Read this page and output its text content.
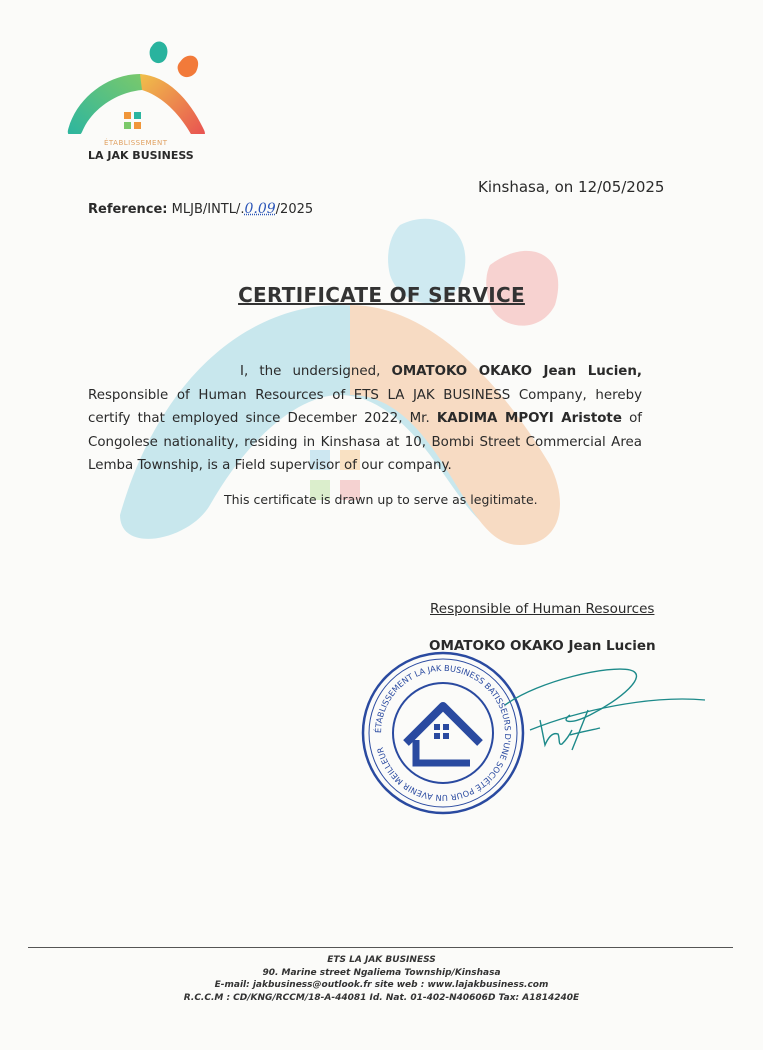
ÉTABLISSEMENT
LA JAK BUSINESS
Kinshasa, on 12/05/2025
Reference: MLJB/INTL/.0.09/2025
CERTIFICATE OF SERVICE
I, the undersigned, OMATOKO OKAKO Jean Lucien, Responsible of Human Resources of ETS LA JAK BUSINESS Company, hereby certify that employed since December 2022, Mr. KADIMA MPOYI Aristote of Congolese nationality, residing in Kinshasa at 10, Bombi Street Commercial Area Lemba Township, is a Field supervisor of our company.
This certificate is drawn up to serve as legitimate.
Responsible of Human Resources
OMATOKO OKAKO Jean Lucien
ÉTABLISSEMENT LA JAK BUSINESS BATISSEURS D'UNE SOCIÉTÉ POUR UN AVENIR MEILLEUR
ETS LA JAK BUSINESS
90. Marine street Ngaliema Township/Kinshasa
E-mail: jakbusiness@outlook.fr site web : www.lajakbusiness.com
R.C.C.M : CD/KNG/RCCM/18-A-44081 Id. Nat. 01-402-N40606D Tax: A1814240E
